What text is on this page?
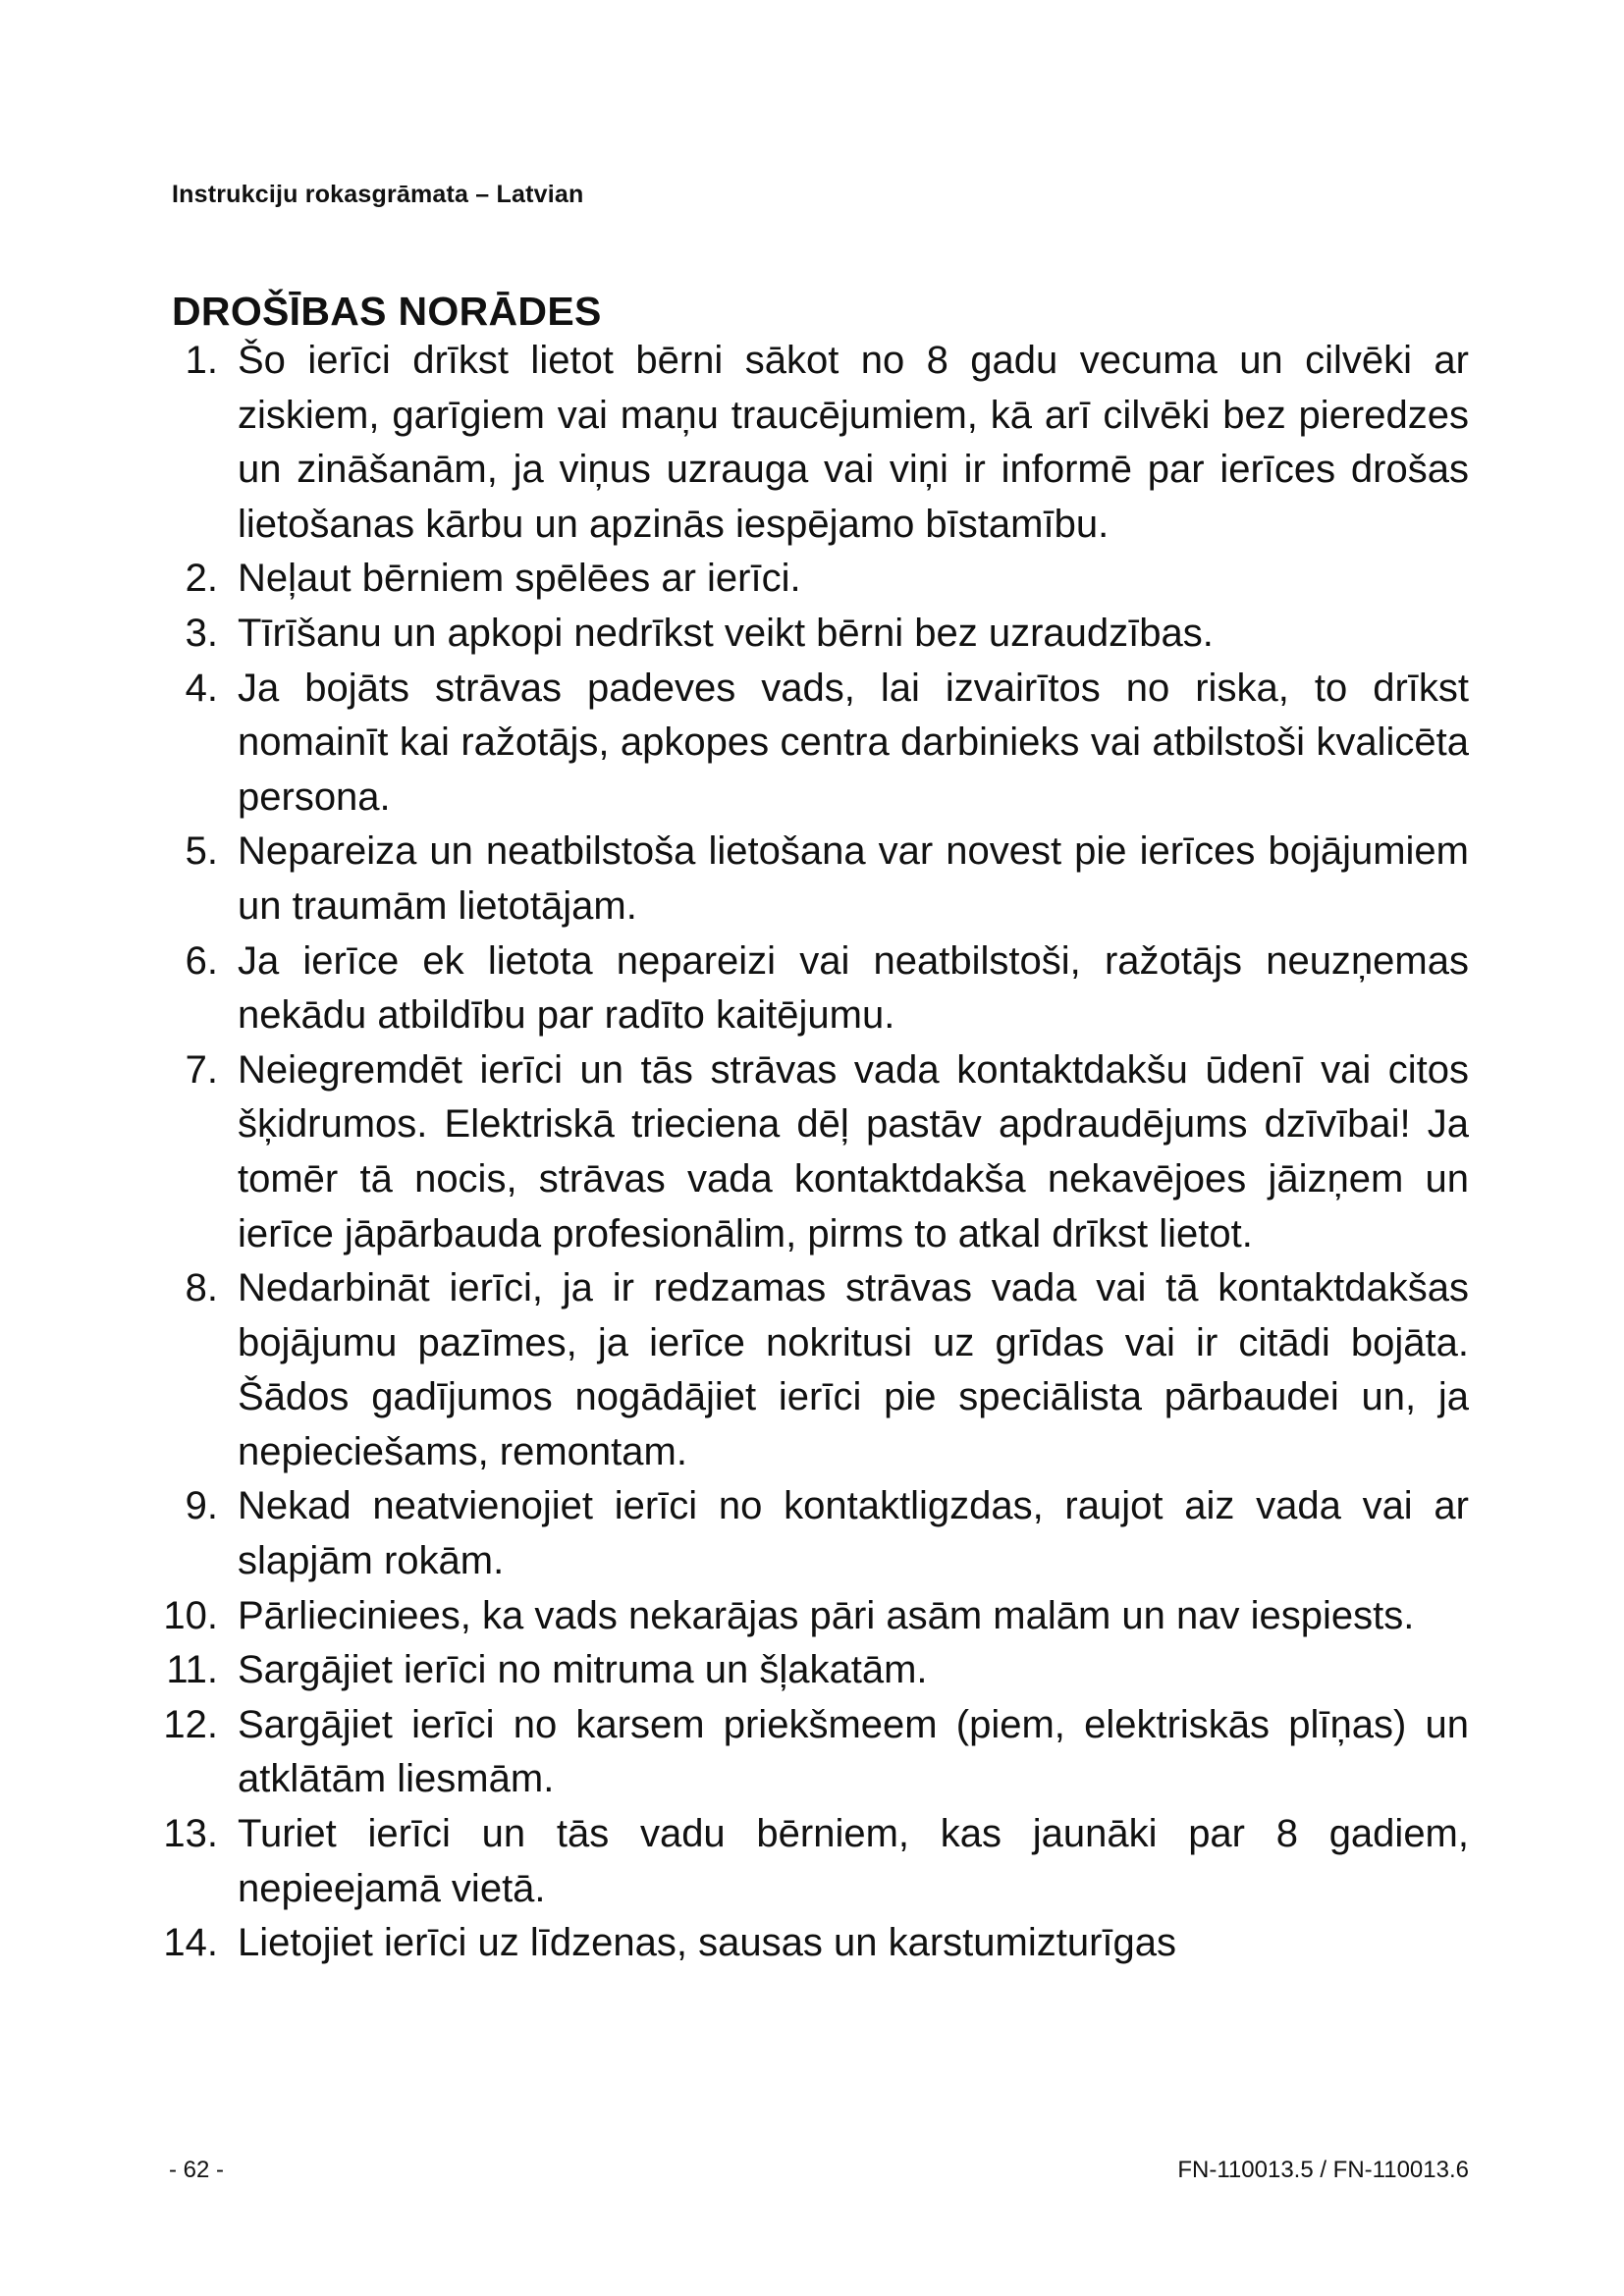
Instrukciju rokasgrāmata – Latvian
DROŠĪBAS NORĀDES
1. Šo ierīci drīkst lietot bērni sākot no 8 gadu vecuma un cilvēki ar ziskiem, garīgiem vai maņu traucējumiem, kā arī cilvēki bez pieredzes un zināšanām, ja viņus uzrauga vai viņi ir informē par ierīces drošas lietošanas kārbu un apzinās iespējamo bīstamību.
2. Neļaut bērniem spēlēes ar ierīci.
3. Tīrīšanu un apkopi nedrīkst veikt bērni bez uzraudzības.
4. Ja bojāts strāvas padeves vads, lai izvairītos no riska, to drīkst nomainīt kai ražotājs, apkopes centra darbinieks vai atbilstoši kvalicēta persona.
5. Nepareiza un neatbilstoša lietošana var novest pie ierīces bojājumiem un traumām lietotājam.
6. Ja ierīce ek lietota nepareizi vai neatbilstoši, ražotājs neuzņemas nekādu atbildību par radīto kaitējumu.
7. Neiegremdēt ierīci un tās strāvas vada kontaktdakšu ūdenī vai citos šķidrumos. Elektriskā trieciena dēļ pastāv apdraudējums dzīvībai! Ja tomēr tā nocis, strāvas vada kontaktdakša nekavējoes jāizņem un ierīce jāpārbauda profesionālim, pirms to atkal drīkst lietot.
8. Nedarbināt ierīci, ja ir redzamas strāvas vada vai tā kontaktdakšas bojājumu pazīmes, ja ierīce nokritusi uz grīdas vai ir citādi bojāta. Šādos gadījumos nogādājiet ierīci pie speciālista pārbaudei un, ja nepieciešams, remontam.
9. Nekad neatvienojiet ierīci no kontaktligzdas, raujot aiz vada vai ar slapjām rokām.
10. Pārlieciniees, ka vads nekarājas pāri asām malām un nav iespiests.
11. Sargājiet ierīci no mitruma un šļakatām.
12. Sargājiet ierīci no karsem priekšmeem (piem, elektriskās plīņas) un atklātām liesmām.
13. Turiet ierīci un tās vadu bērniem, kas jaunāki par 8 gadiem, nepieejamā vietā.
14. Lietojiet ierīci uz līdzenas, sausas un karstumizturīgas
- 62 -	FN-110013.5 / FN-110013.6
